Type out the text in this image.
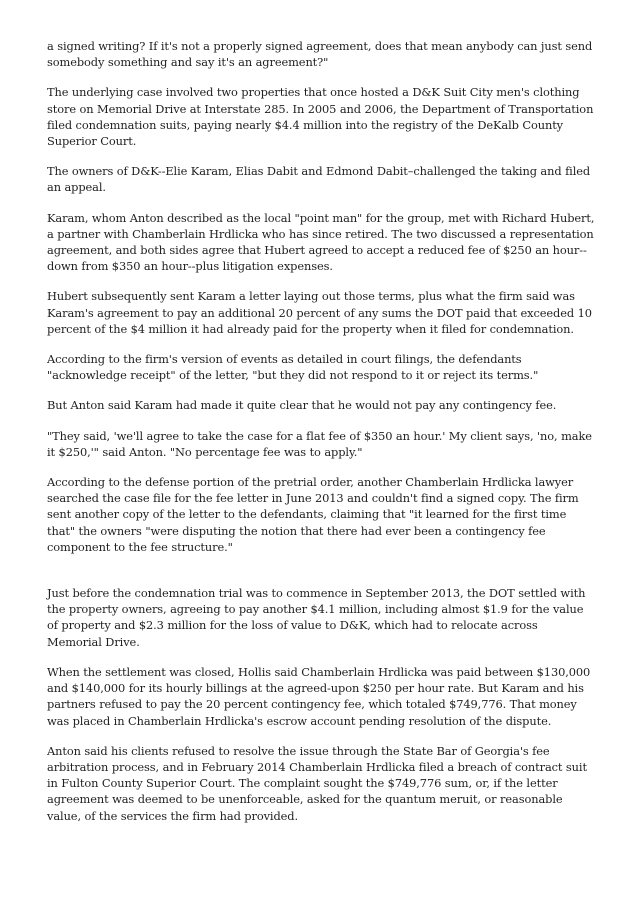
a signed writing? If it's not a properly signed agreement, does that mean anybody can just send somebody something and say it's an agreement?"

The underlying case involved two properties that once hosted a D&K Suit City men's clothing store on Memorial Drive at Interstate 285. In 2005 and 2006, the Department of Transportation filed condemnation suits, paying nearly $4.4 million into the registry of the DeKalb County Superior Court.

The owners of D&K--Elie Karam, Elias Dabit and Edmond Dabit–challenged the taking and filed an appeal.

Karam, whom Anton described as the local "point man" for the group, met with Richard Hubert, a partner with Chamberlain Hrdlicka who has since retired. The two discussed a representation agreement, and both sides agree that Hubert agreed to accept a reduced fee of $250 an hour--down from $350 an hour--plus litigation expenses.

Hubert subsequently sent Karam a letter laying out those terms, plus what the firm said was Karam's agreement to pay an additional 20 percent of any sums the DOT paid that exceeded 10 percent of the $4 million it had already paid for the property when it filed for condemnation.

According to the firm's version of events as detailed in court filings, the defendants "acknowledge receipt" of the letter, "but they did not respond to it or reject its terms."

But Anton said Karam had made it quite clear that he would not pay any contingency fee.

"They said, 'we'll agree to take the case for a flat fee of $350 an hour.' My client says, 'no, make it $250,'" said Anton. "No percentage fee was to apply."

According to the defense portion of the pretrial order, another Chamberlain Hrdlicka lawyer searched the case file for the fee letter in June 2013 and couldn't find a signed copy. The firm sent another copy of the letter to the defendants, claiming that "it learned for the first time that" the owners "were disputing the notion that there had ever been a contingency fee component to the fee structure."

Just before the condemnation trial was to commence in September 2013, the DOT settled with the property owners, agreeing to pay another $4.1 million, including almost $1.9 for the value of property and $2.3 million for the loss of value to D&K, which had to relocate across Memorial Drive.

When the settlement was closed, Hollis said Chamberlain Hrdlicka was paid between $130,000 and $140,000 for its hourly billings at the agreed-upon $250 per hour rate. But Karam and his partners refused to pay the 20 percent contingency fee, which totaled $749,776. That money was placed in Chamberlain Hrdlicka's escrow account pending resolution of the dispute.

Anton said his clients refused to resolve the issue through the State Bar of Georgia's fee arbitration process, and in February 2014 Chamberlain Hrdlicka filed a breach of contract suit in Fulton County Superior Court. The complaint sought the $749,776 sum, or, if the letter agreement was deemed to be unenforceable, asked for the quantum meruit, or reasonable value, of the services the firm had provided.
